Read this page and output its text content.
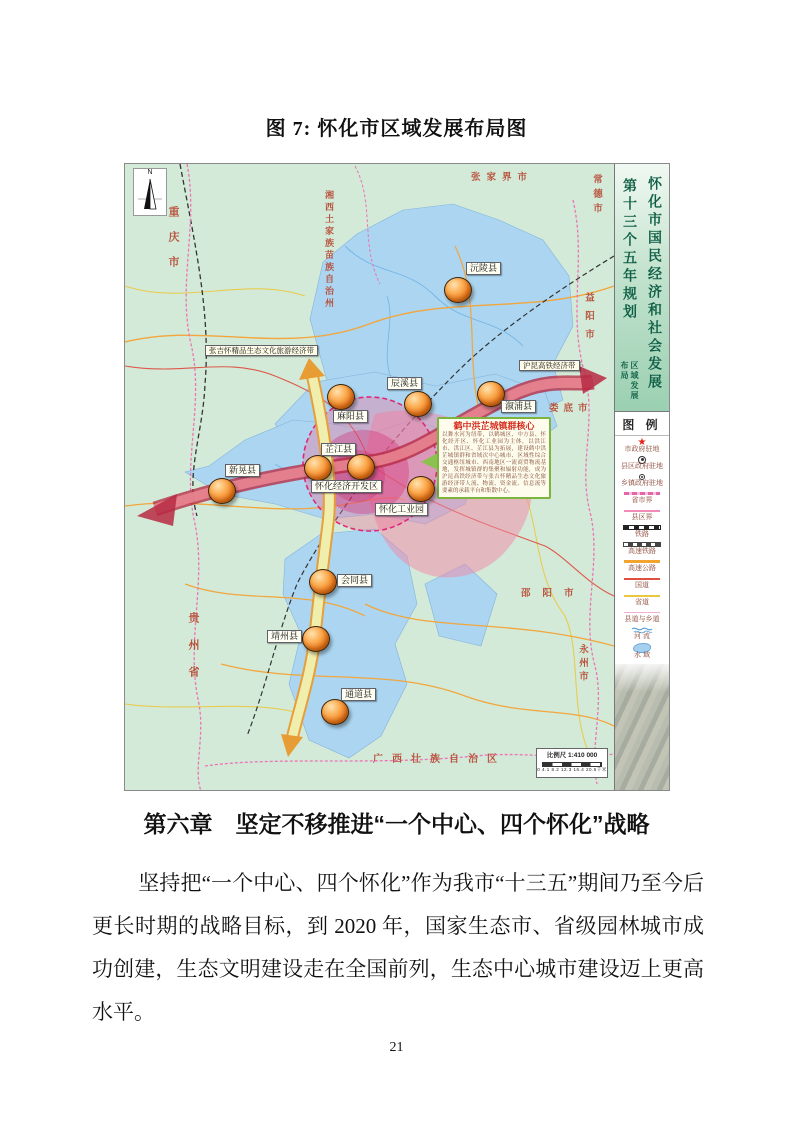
图 7: 怀化市区域发展布局图
N
重庆市	湘西土家族苗族自治州
张家界市	常德市
益阳市
娄底市
邵阳市
贵州省	永州市
广西壮族自治区
张吉怀精品生态文化旅游经济带
沪昆高铁经济带
鹤中洪芷城镇群核心
以舞水河为纽带，以鹤城区、中方县、怀化经开区、怀化工业园为主体，以洪江市、洪江区、芷江县为拓展，建设鹤中洪芷城镇群和省域次中心城市、区域性综合交通枢纽城市、西南地区一流商贸物流基地，发挥城镇群的集聚和辐射功能，成为沪昆高铁经济带与张吉怀精品生态文化旅游经济带人流、物流、资金流、信息流等要素的承载平台和集散中心。
沅陵县
麻阳县
辰溪县
溆浦县
新晃县
芷江县
怀化经济开发区
怀化工业园
会同县
靖州县
通道县
比例尺 1:410 000
0 4.1 8.2 12.3 16.4 20.5千米
怀化市国民经济和社会发展
第十三个五年规划
区域发展布局
图 例
★
市政府驻地
县区政府驻地
乡镇政府驻地
省市界
县区界
铁路
高速铁路
高速公路
国道
省道
县道与乡道
河 流
水 域
第六章　坚定不移推进“一个中心、四个怀化”战略
坚持把“一个中心、四个怀化”作为我市“十三五”期间乃至今后更长时期的战略目标，到 2020 年，国家生态市、省级园林城市成功创建，生态文明建设走在全国前列，生态中心城市建设迈上更高水平。
21
